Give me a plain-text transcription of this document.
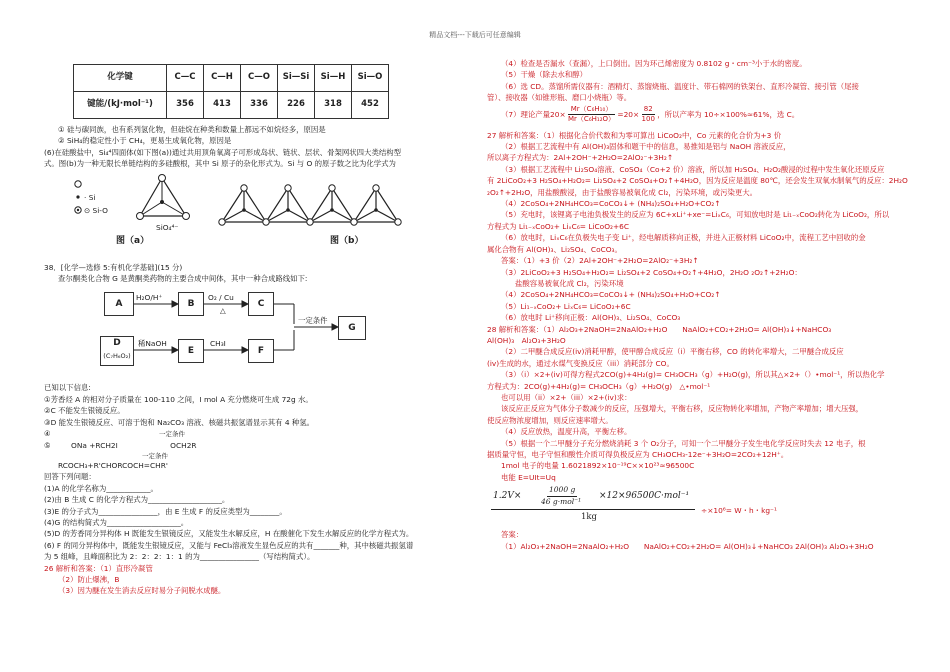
精品文档---下载后可任意编辑
化学键	C—C	C—H	C—O	Si—Si	Si—H	Si—O
键能/(kJ·mol⁻¹)	356	413	336	226	318	452
① 硅与碳同族，也有系列氢化物，但硅烷在种类和数量上都远不如烷烃多，原因是
② SiH₄的稳定性小于 CH₄，更易生成氧化物，原因是
(6)在硅酸盐中，Si₄⁴四面体(如下图(a))通过共用顶角氧离子可形成岛状、链状、层状、骨架网状四大类结构型
式。图(b)为一种无限长单链结构的多硅酸根，其中 Si 原子的杂化形式为。Si 与 O 的原子数之比为化学式为
· Si
⊙ Si-O
SiO₄⁴⁻
图（a）	图（b）
38．[化学—选修 5:有机化学基础](15 分)
查尔酮类化合物 G 是黄酮类药物的主要合成中间体，其中一种合成路线如下:
A	B	C
D
(C₇H₆O₂)	E	F
G
H₂O/H⁺	O₂ / Cu
△
稀NaOH	CH₃I
一定条件
已知以下信息:
①芳香烃 A 的相对分子质量在 100-110 之间，I mol A 充分燃烧可生成 72g 水。
②C 不能发生银镜反应。
③D 能发生银镜反应、可溶于饱和 Na₂CO₃ 溶液、核磁共振氢谱显示其有 4 种氢。
④	一定条件
⑤	ONa +RCH2I	OCH2R
一定条件
RCOCH₃+R'CHORCOCH=CHR'
回答下列问题：
(1)A 的化学名称为____________。
(2)由 B 生成 C 的化学方程式为____________________。
(3)E 的分子式为________________，由 E 生成 F 的反应类型为________。
(4)G 的结构简式为____________________。
(5)D 的芳香同分异构体 H 既能发生银镜反应，又能发生水解反应，H 在酸催化下发生水解反应的化学方程式为。
(6) F 的同分异构体中，既能发生银镜反应，又能与 FeCl₃溶液发生显色反应的共有_______种，其中核磁共振氢谱
为 5 组峰，且峰面积比为 2：2：2：1：1 的为________________（写结构简式）。
26 解析和答案：（1）直形冷凝管
（2）防止爆沸，B
（3）因为醚在发生消去反应时易分子间脱水成醚。
（4）检查是否漏水（查漏），上口倒出。因为环己烯密度为 0.8102 g・cm⁻³小于水的密度。
（5）干燥（除去水和醇）
（6）选 CD。蒸馏所需仪器有：酒精灯、蒸馏烧瓶、温度计、带石棉网的铁架台、直形冷凝管、接引管（尾接
管）、接收器（如锥形瓶、磨口小烧瓶）等。
（7）理论产量$20\times \frac{\text{Mr（C₆H₁₀）}}{\text{Mr（C₆H₁₂O）}} =20\times \frac{82}{100}$ ，所以产率为 10÷×100%≈61%，选 C。
27 解析和答案：（1）根据化合价代数和为零可算出 LiCoO₂中，Co 元素的化合价为+3 价
（2）根据工艺流程中有 Al(OH)₃固体和题干中的信息，易推知是铝与 NaOH 溶液反应，
所以离子方程式为：2Al+2OH⁻+2H₂O=2AlO₂⁻+3H₂↑
（3）根据工艺流程中 Li₂SO₄溶液、CoSO₄（Co+2 价）溶液，所以加 H₂SO₄、H₂O₂酸浸的过程中发生氧化还原反应
有 2LiCoO₂+3 H₂SO₄+H₂O₂= Li₂SO₄+2 CoSO₄+O₂↑+4H₂O，因为反应是温度 80℃，还会发生双氧水制氧气的反应：2H₂O
₂O₂↑+2H₂O，用盐酸酸浸，由于盐酸容易被氧化成 Cl₂，污染环境，或污染更大。
（4）2CoSO₄+2NH₄HCO₃=CoCO₃↓+ (NH₄)₂SO₄+H₂O+CO₂↑
（5）充电时，该锂离子电池负极发生的反应为 6C+xLi⁺+xe⁻=LiₓC₆，可知放电时是 Li₁₋ₓCoO₂转化为 LiCoO₂，所以
方程式为 Li₁₋ₓCoO₂+ LiₓC₆= LiCoO₂+6C
（6）放电时，LiₓC₆在负极失电子变 Li⁺，经电解质移向正极，并进入正极材料 LiCoO₂中，流程工艺中回收的金
属化合物有 Al(OH)₃、Li₂SO₄、CoCO₃。
答案：（1）+3 价（2）2Al+2OH⁻+2H₂O=2AlO₂⁻+3H₂↑
（3）2LiCoO₂+3 H₂SO₄+H₂O₂= Li₂SO₄+2 CoSO₄+O₂↑+4H₂O，2H₂O ₂O₂↑+2H₂O：
盐酸容易被氧化成 Cl₂，污染环境
（4）2CoSO₄+2NH₄HCO₃=CoCO₃↓+ (NH₄)₂SO₄+H₂O+CO₂↑
（5）Li₁₋ₓCoO₂+ LiₓC₆= LiCoO₂+6C
（6）放电时 Li⁺移向正极：Al(OH)₃、Li₂SO₄、CoCO₃
28 解析和答案：（1）Al₂O₃+2NaOH=2NaAlO₂+H₂O　　NaAlO₂+CO₂+2H₂O= Al(OH)₃↓+NaHCO₃
Al(OH)₃　Al₂O₃+3H₂O
（2）二甲醚合成反应(iv)消耗甲醇，使甲醇合成反应（i）平衡右移，CO 的转化率增大，二甲醚合成反应
(iv)生成的水，通过水煤气变换反应（iii）消耗部分 CO。
（3）（i）×2+(iv)可得方程式2CO(g)+4H₂(g)= CH₃OCH₃（g）+H₂O(g)，所以其△×2+（）•mol⁻¹，所以热化学
方程式为：2CO(g)+4H₂(g)= CH₃OCH₃（g）+H₂O(g)　△•mol⁻¹
也可以用（ii）×2+（iii）×2+(iv)求：
该反应正反应为气体分子数减少的反应，压强增大，平衡右移，反应物转化率增加，产物产率增加；增大压强，
使反应物浓度增加，则反应速率增大。
（4）反应放热，温度升高，平衡左移。
（5）根据一个二甲醚分子充分燃烧消耗 3 个 O₂分子，可知一个二甲醚分子发生电化学反应时失去 12 电子，根
据质量守恒，电子守恒和酸性介质可得负极反应为 CH₃OCH₃-12e⁻+3H₂O=2CO₂+12H⁺。
1mol 电子的电量 1.6021892×10⁻¹⁹C××10²³≈96500C
电能 E=UIt=Uq
1.2V×
1000 g
46 g·mol⁻¹
×12×96500C·mol⁻¹
1kg
÷×10⁶= W・h・kg⁻¹
答案：
（1）Al₂O₃+2NaOH=2NaAlO₂+H₂O　　NaAlO₂+CO₂+2H₂O= Al(OH)₃↓+NaHCO₃ 2Al(OH)₃ Al₂O₃+3H₂O
